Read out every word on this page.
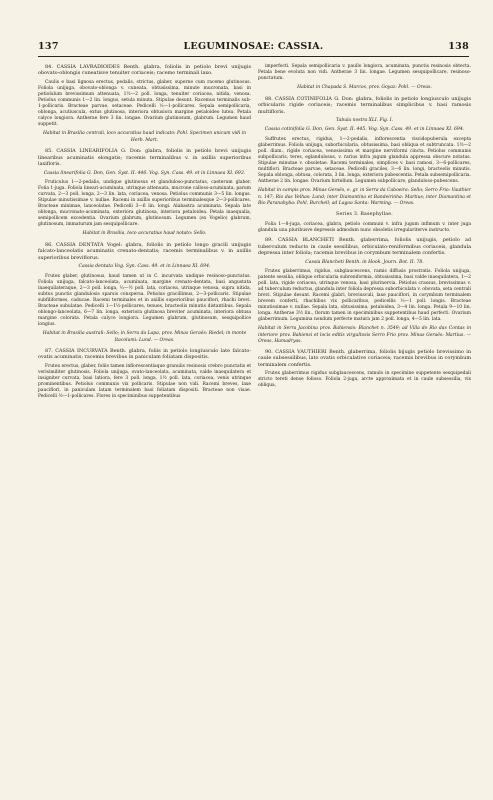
137	LEGUMINOSAE: CASSIA.	138

84. CASSIA LAVRADIOIDES Benth. glabra, foliolis in petiolo brevi unijugis obovato-oblongis cuneatisve tenuiter coriaceis; racemo terminali laxo.

Caulis e basi lignosa erectus, pedalis, strictus, glaber, superne cum racemo glutinosus. Foliola unijuga, obovato-oblonga v. cuneata, obtusissima, minute mucronata, basi in petiolulum brevissimum attenuata, 1½—2 poll. longa, tenuiter coriacea, nitida, venosa. Petiolus communis 1—2 lin. longus, setula minuta. Stipulae desunt. Racemus terminalis sub-1-pollicaris. Bracteae parvae, setaceae. Pedicelli ⅓—1-pollicares. Sepala semipollicaria, oblonga, acutiuscula, extus glutinosa, interiora obtusiora margine petaloideo lutea. Petala calyce longiora. Antherae fere 3 lin. longae. Ovarium glutinosum, glabrum. Legumen haud suppetit.

Habitat in Brasilia centrali, loco accuratius haud indicato: Pohl. Specimen unicum vidi in Herb. Mart.

85. CASSIA LINEARIFOLIA G. Don: glabra, foliolis in petiolo brevi unijugis linearibus acuminatis elongatis; racemis terminalibus v. in axillis superioribus laxifloris.

Cassia linearifolia G. Don, Gen. Syst. II. 446. Vog. Syn. Cass. 49. et in Linnaea XI. 693.

Fruticulus 1—2-pedalis, undique glutinosus et glanduloso-punctatus, caeterum glaber. Folia 1-juga. Foliola lineari-acuminata, utrinque attenuata, mucrone calloso-acuminata, parum curvata, 2—3 poll. longa, 2—3 lin. lata, coriacea, venosa. Petiolus communis 3—5 lin. longus. Stipulae minutissimae v. nullae. Racemi in axillis superioribus terminalesque 2—3-pollicares. Bracteae minimae, lanceolatae. Pedicelli 3—6 lin. longi. Alabastra acuminata. Sepala late oblonga, mucronato-acuminata, exteriora glutinosa, interiora petaloidea. Petala inaequalia, semipollicem excedentia. Ovarium glabrum, glutinosum. Legumen (ex Vogelio) glabrum, glutinosum, immaturum jam sesquipollicare.

Habitat in Brasilia, loco accuratius haud notato: Sello.

86. CASSIA DENTATA Vogel: glabra, foliolis in petiolo longo gracili unijugis falcato-lanceolatis acuminatis crenato-dentatis; racemis terminalibus v. in axillis superioribus breviflorus.

Cassia dentata Vog. Syn. Cass. 49. et in Linnaea XI. 694.

Frutex glaber, glutinosus, haud tamen ut in C. incurvata undique resinoso-punctatus. Foliola unijuga, falcato-lanceolata, acuminata, margine crenato-dentata, basi angustata inaequilateraque, 2—3 poll. longa, ⅓—½ poll. lata, coriacea, utrinque venosa, supra nitida, subtus punctis glandulosis sparsis conspersa. Petiolus gracillimus, 2—3-pollicaris. Stipulae subfiliformes, caducae. Racemi terminales et in axillis superioribus pauciflori, rhachi brevi. Bracteae subulatae. Pedicelli 1—1½-pollicares, tenues, bracteolis minutis distantibus. Sepala oblongo-lanceolata, 6—7 lin. longa, exteriora glutinosa breviter acuminata, interiora obtusa margine colorata. Petala calyce longiora. Legumen glabrum, glutinosum, sesquipollice longius.

Habitat in Brasilia australi: Sello; in Serra da Lapa, prov. Minas Geraës: Riedel; in monte Itacolumi: Lund. — Oreas.

87. CASSIA INCURVATA Benth. glabra, foliis in petiolo longiusculo late falcato-ovatis acuminatis; racemis brevibus in paniculam foliatam dispositis.

Frutex erectus, glaber, foliis tamen inflorescentiaque granulis resinosis crebro punctatis et verisimiliter glutinosis. Foliola unijuga, ovato-lanceolata, acuminata, valde inaequilatera et insigniter curvata, basi latiora, fere 3 poll. longa, 1½ poll. lata, coriacea, venis utrinque prominentibus. Petiolus communis vix pollicaris. Stipulae non vidi. Racemi breves, laxe pauciflori, in paniculam latam terminalem basi foliatam dispositi. Bracteae non visae. Pedicelli ½—1-pollicares. Flores in speciminibus suppetentibus

imperfecti. Sepala semipollicaria v. paullo longiora, acuminata, punctis resinosis obtecta. Petala bene evoluta non vidi. Antherae 3 lin. longae. Legumen sesquipollicare, resinoso-punctatum.

Habitat in Chapada S. Marcos, prov. Goyaz: Pohl. — Oreas.

88. CASSIA COTINIFOLIA G. Don: glabra, foliolis in petiolo longiusculo unijugis orbicularis rigide coriaceis; racemis terminalibus simplicibus v. basi ramosis multifloris.

Tabula nostra XLI. Fig. I.

Cassia cotinifolia G. Don, Gen. Syst. II. 445. Vog. Syn. Cass. 49. et in Linnaea XI. 694.

Suffrutex erectus, rigidus, 1—2-pedalis, inflorescentia viscidopuberula excepta glaberrimus. Foliola unijuga, suborbicularia, obtusissima, basi obliqua et subtruncata. 1½—2 poll. diam., rigide coriacea, venosissima et margine nerviformi cincta. Petiolus communis subpollicaris, teres, eglandulosus, v. rarius infra jugum glandula appressa obscure notatus. Stipulae minutae v. obsoletae. Racemi terminales, simplices v. basi ramosi, 3—6-pollicares, multiflori. Bracteae parvae, setaceae. Pedicelli graciles, 3—6 lin. longi, bracteolis minutis. Sepala oblonga, obtusa, colorata, 3 lin. longa, exteriora pubescentia. Petala subsemipollicaria. Antherae 2 lin. longae. Ovarium hirtellum. Legumen subpollicare, glanduloso-pubescens.

Habitat in campis prov. Minas Geraës, e. gr. in Serra da Caboeira: Sello; Serro Frio: Vauthier n. 147; Rio das Velhas: Lund; inter Diamantina et Bandeirinha: Martius; inter Diamantina et Rio Paranahyba: Pohl, Burchell; ad Lagoa Santa: Warming. — Oreas.

Series 3. Basephyllae.

Folia 1—8-juga, coriacea, glabra, petiolo communi v. infra jugum infimum v. inter juga glandula una pluribusve depressis admodum nunc obsoletis irregulariterve instructo.

89. CASSIA BLANCHETI Benth. glaberrima, foliolis unijugis, petiolo ad tuberculum reducto in caule sessilibus, orbiculato-reniformibus coriaceis, glandula depressa inter foliola; racemis brevibus in corymbum terminalem confertis.

Cassia Blancheti Benth. in Hook. Journ. Bot. II. 78.

Frutex glaberrimus, rigidus, subglaucescens, ramis diffusis prostratis. Foliola unijuga, patente sessilia, oblique orbicularia subreniformia, obtusissima, basi valde inaequilatera, 1—2 poll. lata, rigide coriacea, utrinque venosa, basi plurinervia. Petiolus crassus, brevissimus v. ad tuberculum reductus, glandula inter foliola depressa suborbiculata v. obovata, seta centrali brevi. Stipulae desunt. Racemi glabri, breviusculi, laxe pauciflori, in corymbum terminalem brevem conferti, rhachibus vix pollicaribus, pedicellis ⅓—1 poll. longis. Bracteae minutissimae v. nullae. Sepala lata, obtusissima, petaloidea, 3—4 lin. longa. Petala 9—10 lin. longa. Antherae 3½ lin., florum tamen in speciminibus suppetentibus haud perfecti. Ovarium glaberrimum. Legumina nondum perfecte matura jam 2 poll. longa, 4—5 lin. lata.

Habitat in Serra Jacobina prov. Bahiensis: Blanchet n. 3549; ad Villa do Rio das Contas in interiore prov. Bahiensi et locis editis virgultosis Serro Frio prov. Minas Geraës: Martius. — Oreas, Hamadryas.

90. CASSIA VAUTHIERI Benth. glaberrima, foliolis bijugis petiolo brevissimo in caule subsessilibus, lato ovatis orbiculative coriaceis; racemis brevibus in corymbum terminalem confertis.

Frutex glaberrimus rigidus subglaucescens, ramulo in specimine suppetente sesquipedali stricto tereti dense folioso. Foliola 2-juga, arcte approximata et in caule subsessilia, vix obliqua,
